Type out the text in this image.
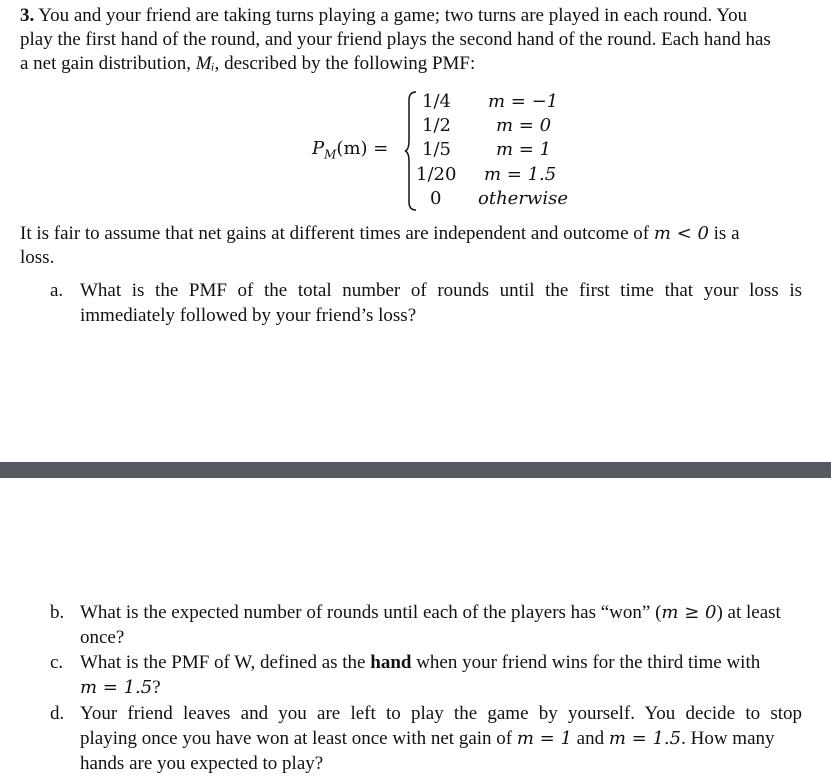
3. You and your friend are taking turns playing a game; two turns are played in each round. You
play the first hand of the round, and your friend plays the second hand of the round. Each hand has
a net gain distribution, Mᵢ, described by the following PMF:
$P_M(m)$ =
1/4
1/2
1/5
1/20
0
m = −1
m = 0
m = 1
m = 1.5
otherwise
It is fair to assume that net gains at different times are independent and outcome of m < 0 is a
loss.
a. What is the PMF of the total number of rounds until the first time that your loss is
immediately followed by your friend’s loss?
b. What is the expected number of rounds until each of the players has “won” (m ≥ 0) at least
once?
c. What is the PMF of W, defined as the hand when your friend wins for the third time with
m = 1.5?
d. Your friend leaves and you are left to play the game by yourself. You decide to stop
playing once you have won at least once with net gain of m = 1 and m = 1.5. How many
hands are you expected to play?
